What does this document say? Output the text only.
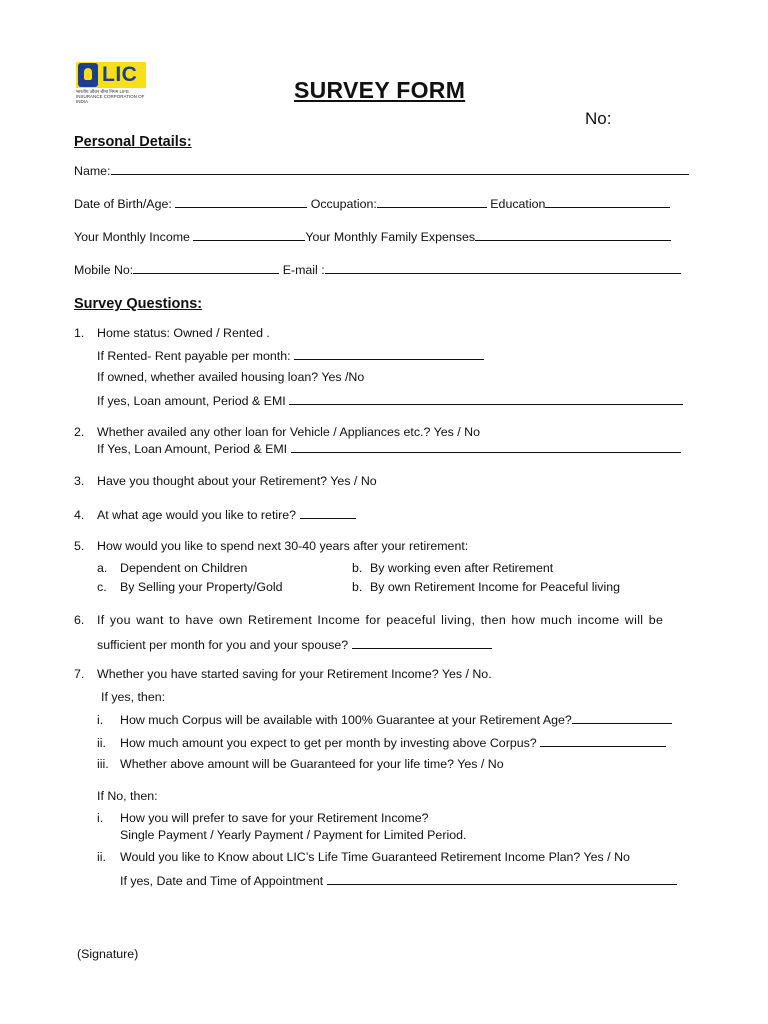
LIC
भारतीय जीवन बीमा निगम LIFE INSURANCE CORPORATION OF INDIA	SURVEY FORM
No:
Personal Details:
Name:
Date of Birth/Age:	Occupation:	Education
Your Monthly Income	Your Monthly Family Expenses
Mobile No:	E-mail :
Survey Questions:
1. Home status: Owned / Rented .
If Rented- Rent payable per month:
If owned, whether availed housing loan? Yes /No
If yes, Loan amount, Period & EMI
2. Whether availed any other loan for Vehicle / Appliances etc.? Yes / No
If Yes, Loan Amount, Period & EMI
3. Have you thought about your Retirement? Yes / No
4. At what age would you like to retire?
5. How would you like to spend next 30-40 years after your retirement:
a. Dependent on Children	b. By working even after Retirement
c. By Selling your Property/Gold	b. By own Retirement Income for Peaceful living
6. If you want to have own Retirement Income for peaceful living, then how much income will be
sufficient per month for you and your spouse?
7. Whether you have started saving for your Retirement Income? Yes / No.
If yes, then:
i. How much Corpus will be available with 100% Guarantee at your Retirement Age?
ii. How much amount you expect to get per month by investing above Corpus?
iii. Whether above amount will be Guaranteed for your life time? Yes / No
If No, then:
i. How you will prefer to save for your Retirement Income?
Single Payment / Yearly Payment / Payment for Limited Period.
ii. Would you like to Know about LIC’s Life Time Guaranteed Retirement Income Plan? Yes / No
If yes, Date and Time of Appointment
(Signature)
